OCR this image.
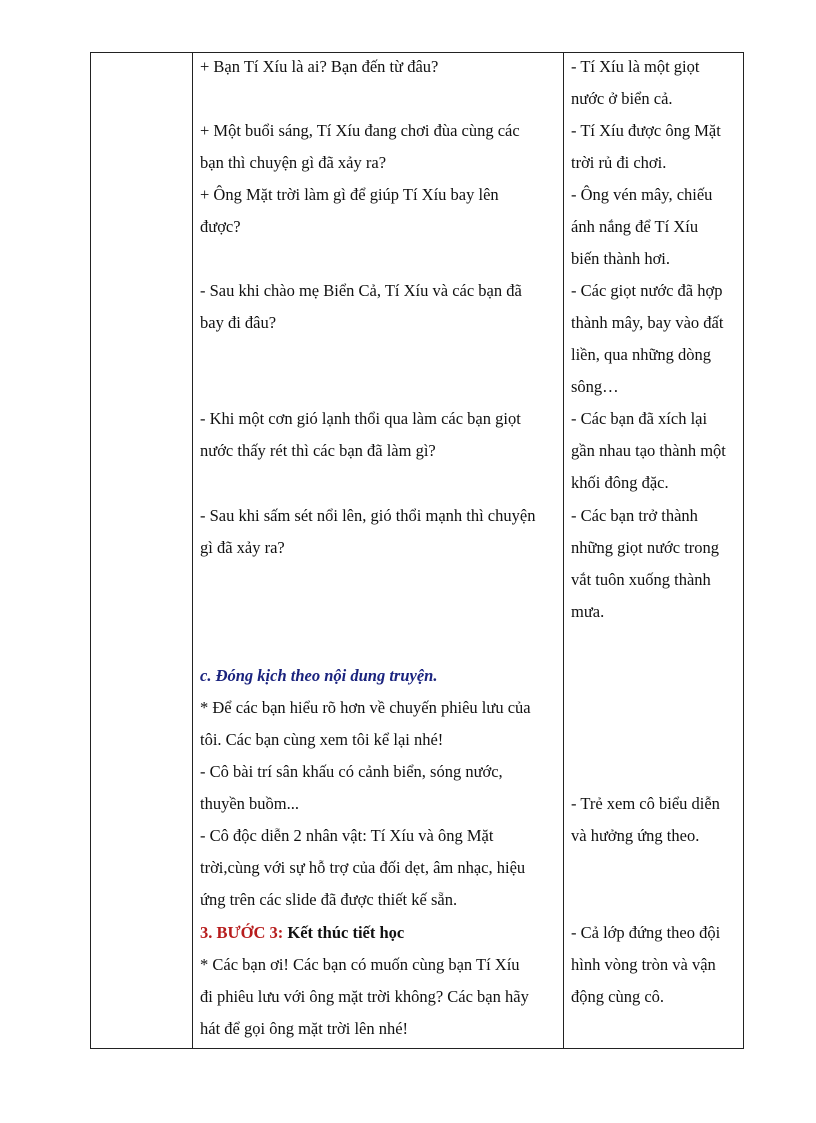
+ Bạn Tí Xíu là ai? Bạn đến từ đâu?
+ Một buổi sáng, Tí Xíu đang chơi đùa cùng các
bạn thì chuyện gì đã xảy ra?
+ Ông Mặt trời làm gì để giúp Tí Xíu bay lên
được?
- Sau khi chào mẹ Biển Cả, Tí Xíu và các bạn đã
bay đi đâu?
- Khi một cơn gió lạnh thổi qua làm các bạn giọt
nước thấy rét thì các bạn đã làm gì?
- Sau khi sấm sét nổi lên, gió thổi mạnh thì chuyện
gì đã xảy ra?
c. Đóng kịch theo nội dung truyện.
* Để các bạn hiểu rõ hơn về chuyến phiêu lưu của
tôi. Các bạn cùng xem tôi kể lại nhé!
- Cô bài trí sân khấu có cảnh biển, sóng nước,
thuyền buồm...
- Cô độc diễn 2 nhân vật: Tí Xíu và ông Mặt
trời,cùng với sự hỗ trợ của đối dẹt, âm nhạc, hiệu
ứng trên các slide đã được thiết kế sẵn.
3. BƯỚC 3: Kết thúc tiết học
* Các bạn ơi! Các bạn có muốn cùng bạn Tí Xíu
đi phiêu lưu với ông mặt trời không? Các bạn hãy
hát để gọi ông mặt trời lên nhé!
- Tí Xíu là một giọt
nước ở biển cả.
- Tí Xíu được ông Mặt
trời rủ đi chơi.
- Ông vén mây, chiếu
ánh nắng để Tí Xíu
biến thành hơi.
- Các giọt nước đã hợp
thành mây, bay vào đất
liền, qua những dòng
sông…
- Các bạn đã xích lại
gần nhau tạo thành một
khối đông đặc.
- Các bạn trở thành
những giọt nước trong
vắt tuôn xuống thành
mưa.
- Trẻ xem cô biểu diễn
và hưởng ứng theo.
- Cả lớp đứng theo đội
hình vòng tròn và vận
động cùng cô.
